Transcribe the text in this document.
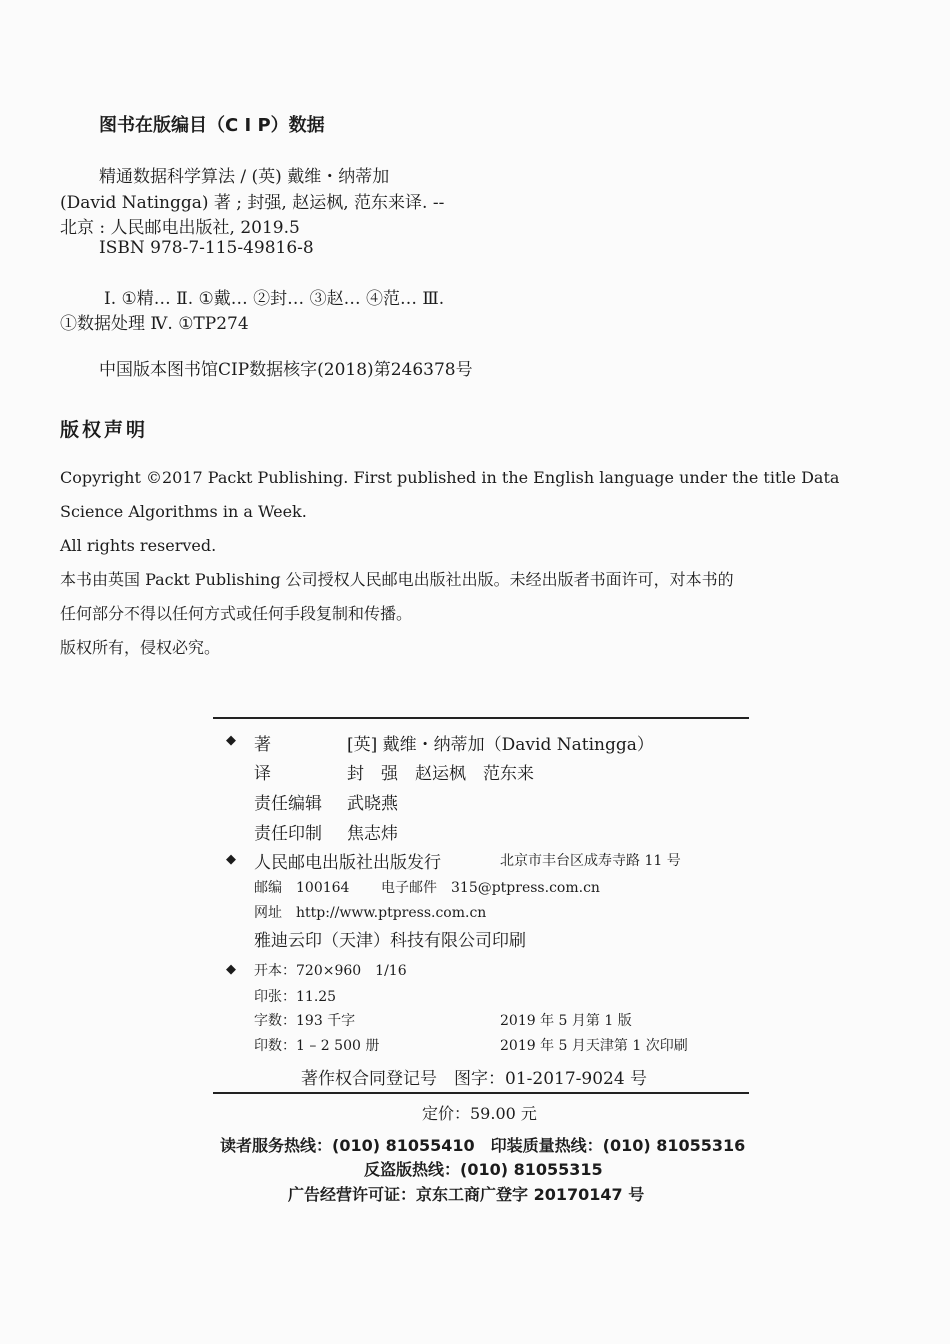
图书在版编目（C I P）数据
精通数据科学算法 / (英) 戴维・纳蒂加
(David Natingga) 著 ; 封强, 赵运枫, 范东来译. --
北京 : 人民邮电出版社, 2019.5
ISBN 978-7-115-49816-8
Ⅰ. ①精… Ⅱ. ①戴… ②封… ③赵… ④范… Ⅲ.
①数据处理 Ⅳ. ①TP274
中国版本图书馆CIP数据核字(2018)第246378号
版权声明
Copyright ©2017 Packt Publishing. First published in the English language under the title Data
Science Algorithms in a Week.
All rights reserved.
本书由英国 Packt Publishing 公司授权人民邮电出版社出版。未经出版者书面许可，对本书的
任何部分不得以任何方式或任何手段复制和传播。
版权所有，侵权必究。
◆ 著	[英] 戴维・纳蒂加（David Natingga）
译	封　强　赵运枫　范东来
责任编辑 武晓燕
责任印制 焦志炜
◆ 人民邮电出版社出版发行	北京市丰台区成寿寺路 11 号
邮编　100164 电子邮件　315@ptpress.com.cn
网址　http://www.ptpress.com.cn
雅迪云印（天津）科技有限公司印刷
◆ 开本：720×960　1/16
印张：11.25
字数：193 千字	2019 年 5 月第 1 版
印数：1 – 2 500 册	2019 年 5 月天津第 1 次印刷
著作权合同登记号　图字：01-2017-9024 号
定价：59.00 元
读者服务热线：(010) 81055410　印装质量热线：(010) 81055316
反盗版热线：(010) 81055315
广告经营许可证：京东工商广登字 20170147 号
